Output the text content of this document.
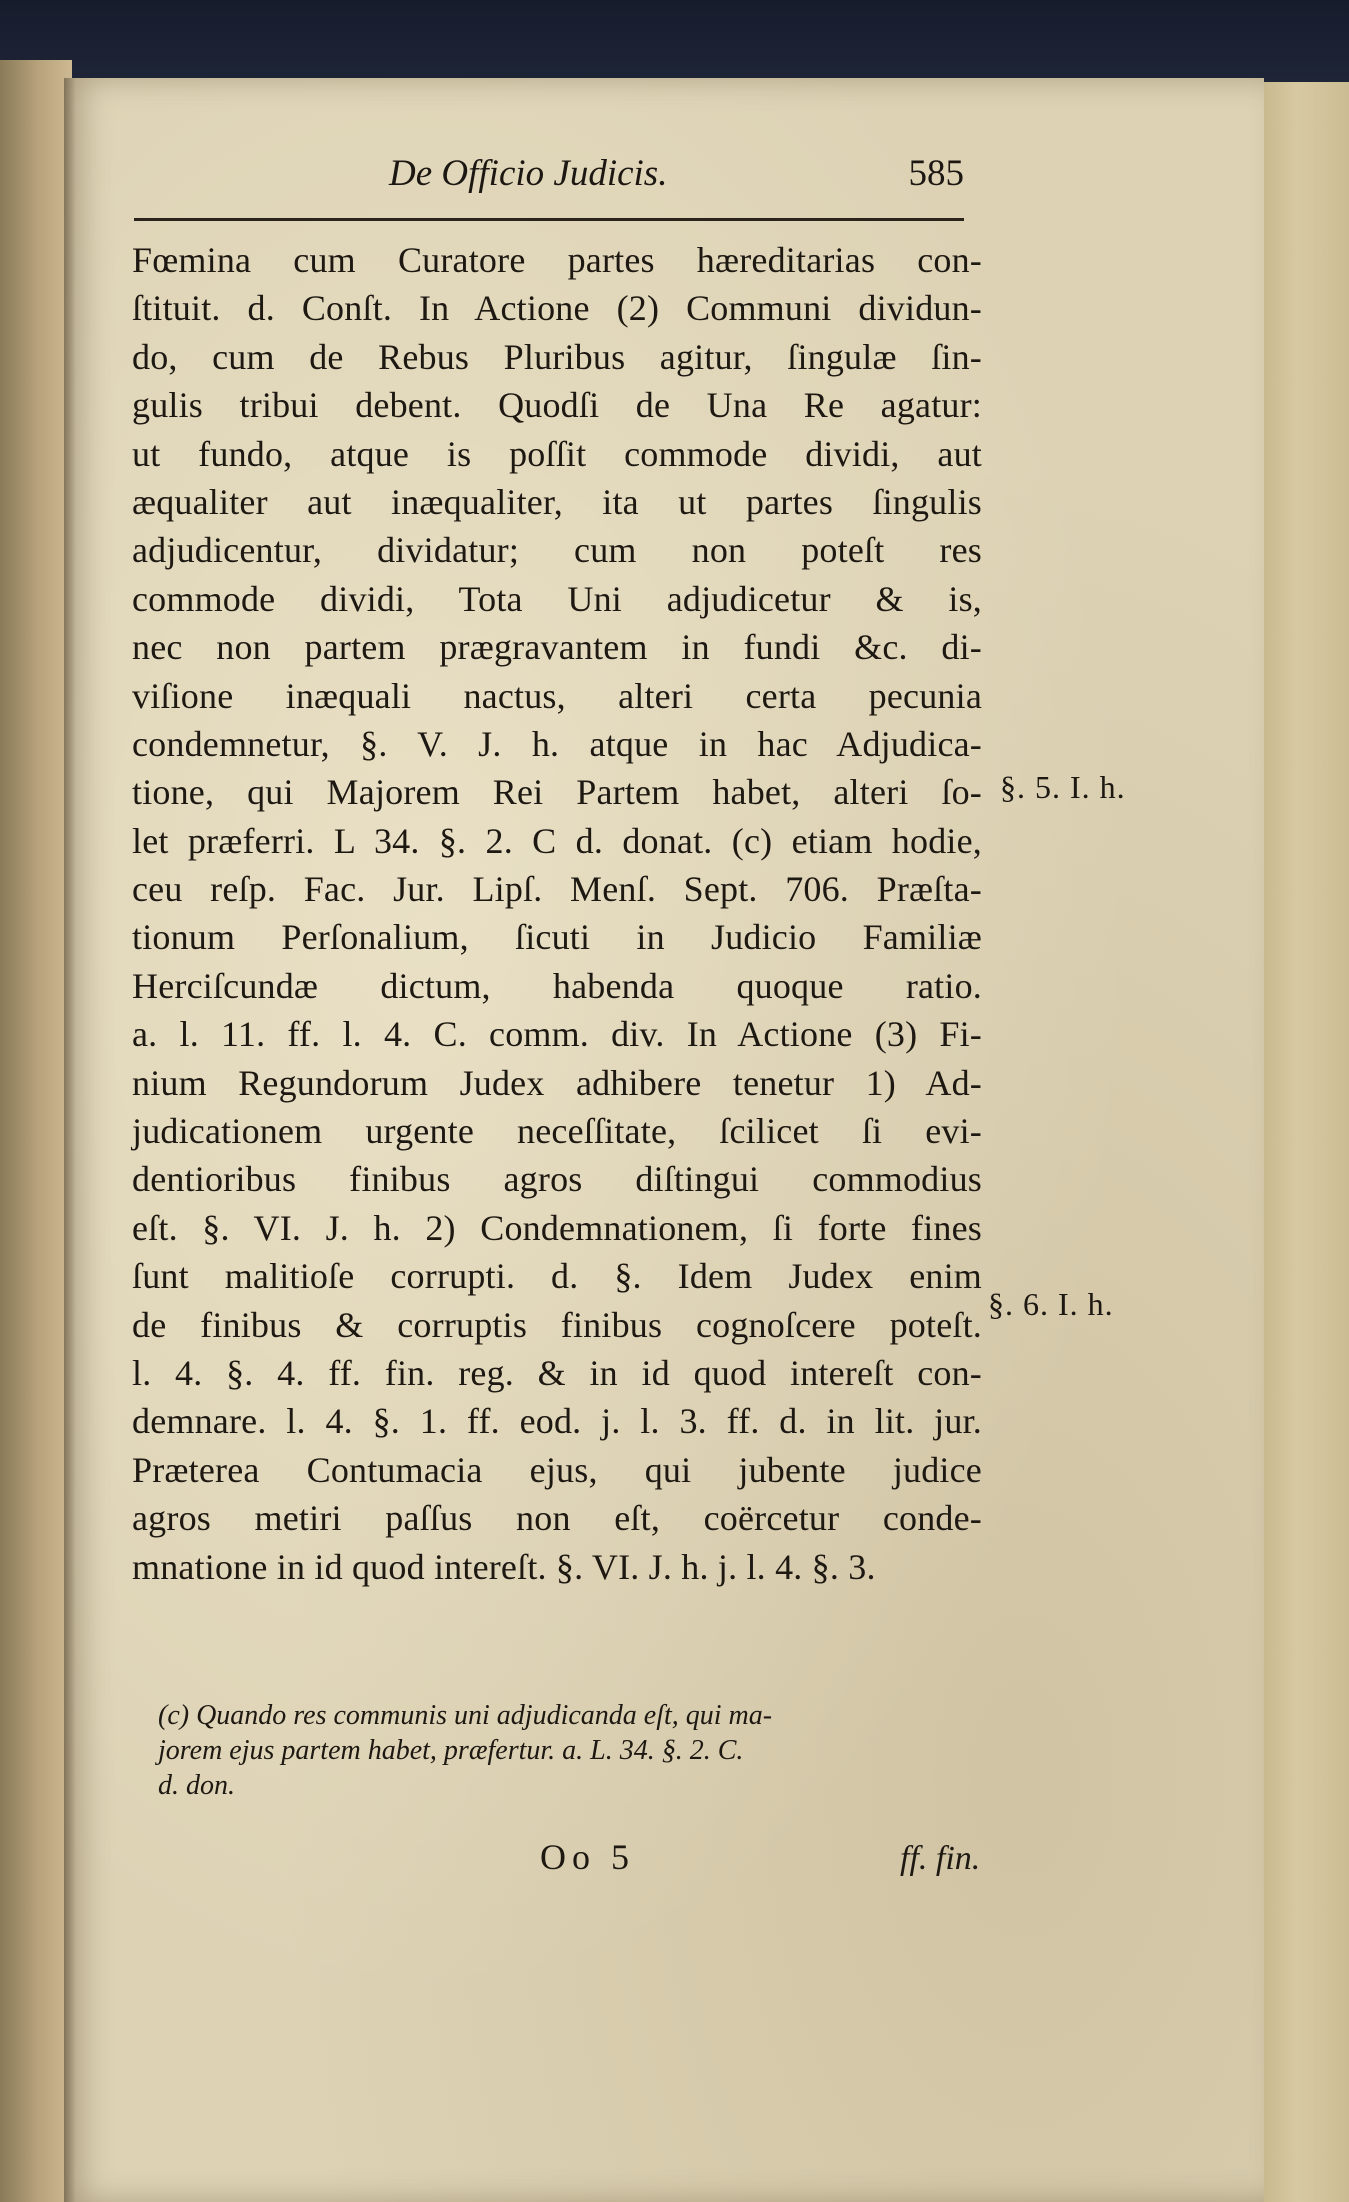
De Officio Judicis.	585
Fœmina cum Curatore partes hæreditarias con-
ſtituit. d. Conſt. In Actione (2) Communi dividun-
do, cum de Rebus Pluribus agitur, ſingulæ ſin-
gulis tribui debent. Quodſi de Una Re agatur:
ut fundo, atque is poſſit commode dividi, aut
æqualiter aut inæqualiter, ita ut partes ſingulis
adjudicentur, dividatur; cum non poteſt res
commode dividi, Tota Uni adjudicetur & is,
nec non partem prægravantem in fundi &c. di-
viſione inæquali nactus, alteri certa pecunia
condemnetur, §. V. J. h. atque in hac Adjudica-
tione, qui Majorem Rei Partem habet, alteri ſo-
let præferri. L 34. §. 2. C d. donat. (c) etiam hodie,
ceu reſp. Fac. Jur. Lipſ. Menſ. Sept. 706. Præſta-
tionum Perſonalium, ſicuti in Judicio Familiæ
Herciſcundæ dictum, habenda quoque ratio.
a. l. 11. ff. l. 4. C. comm. div. In Actione (3) Fi-
nium Regundorum Judex adhibere tenetur 1) Ad-
judicationem urgente neceſſitate, ſcilicet ſi evi-
dentioribus finibus agros diſtingui commodius
eſt. §. VI. J. h. 2) Condemnationem, ſi forte fines
ſunt malitioſe corrupti. d. §. Idem Judex enim
de finibus & corruptis finibus cognoſcere poteſt.
l. 4. §. 4. ff. fin. reg. & in id quod intereſt con-
demnare. l. 4. §. 1. ff. eod. j. l. 3. ff. d. in lit. jur.
Præterea Contumacia ejus, qui jubente judice
agros metiri paſſus non eſt, coërcetur conde-
mnatione in id quod intereſt. §. VI. J. h. j. l. 4. §. 3.
§. 5. I. h.
§. 6. I. h.
(c) Quando res communis uni adjudicanda eſt, qui ma-
jorem ejus partem habet, præfertur. a. L. 34. §. 2. C.
d. don.
Oo 5	ff. fin.
